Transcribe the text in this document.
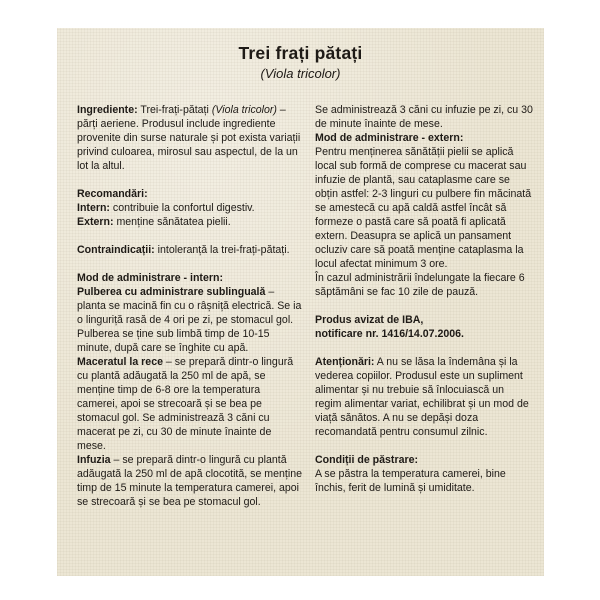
Trei frați pătați
(Viola tricolor)

Ingrediente: Trei-frați-pătați (Viola tricolor) – părți aeriene. Produsul include ingrediente provenite din surse naturale și pot exista variații privind culoarea, mirosul sau aspectul, de la un lot la altul.

Recomandări:
Intern: contribuie la confortul digestiv.
Extern: menține sănătatea pielii.

Contraindicații: intoleranță la trei-frați-pătați.

Mod de administrare - intern:

Pulberea cu administrare sublinguală – planta se macină fin cu o râșniță electrică. Se ia o linguriță rasă de 4 ori pe zi, pe stomacul gol. Pulberea se ține sub limbă timp de 10-15 minute, după care se înghite cu apă.

Maceratul la rece – se prepară dintr-o lingură cu plantă adăugată la 250 ml de apă, se menține timp de 6-8 ore la temperatura camerei, apoi se strecoară și se bea pe stomacul gol. Se administrează 3 căni cu macerat pe zi, cu 30 de minute înainte de mese.

Infuzia – se prepară dintr-o lingură cu plantă adăugată la 250 ml de apă clocotită, se menține timp de 15 minute la temperatura camerei, apoi se strecoară și se bea pe stomacul gol.

Se administrează 3 căni cu infuzie pe zi, cu 30 de minute înainte de mese.

Mod de administrare - extern:

Pentru menținerea sănătății pielii se aplică local sub formă de comprese cu macerat sau infuzie de plantă, sau cataplasme care se obțin astfel: 2-3 linguri cu pulbere fin măcinată se amestecă cu apă caldă astfel încât să formeze o pastă care să poată fi aplicată extern. Deasupra se aplică un pansament ocluziv care să poată menține cataplasma la locul afectat minimum 3 ore.

În cazul administrării îndelungate la fiecare 6 săptămâni se fac 10 zile de pauză.

Produs avizat de IBA,
notificare nr. 1416/14.07.2006.

Atenționări: A nu se lăsa la îndemâna și la vederea copiilor. Produsul este un supliment alimentar și nu trebuie să înlocuiască un regim alimentar variat, echilibrat și un mod de viață sănătos. A nu se depăși doza recomandată pentru consumul zilnic.

Condiții de păstrare:

A se păstra la temperatura camerei, bine închis, ferit de lumină și umiditate.
